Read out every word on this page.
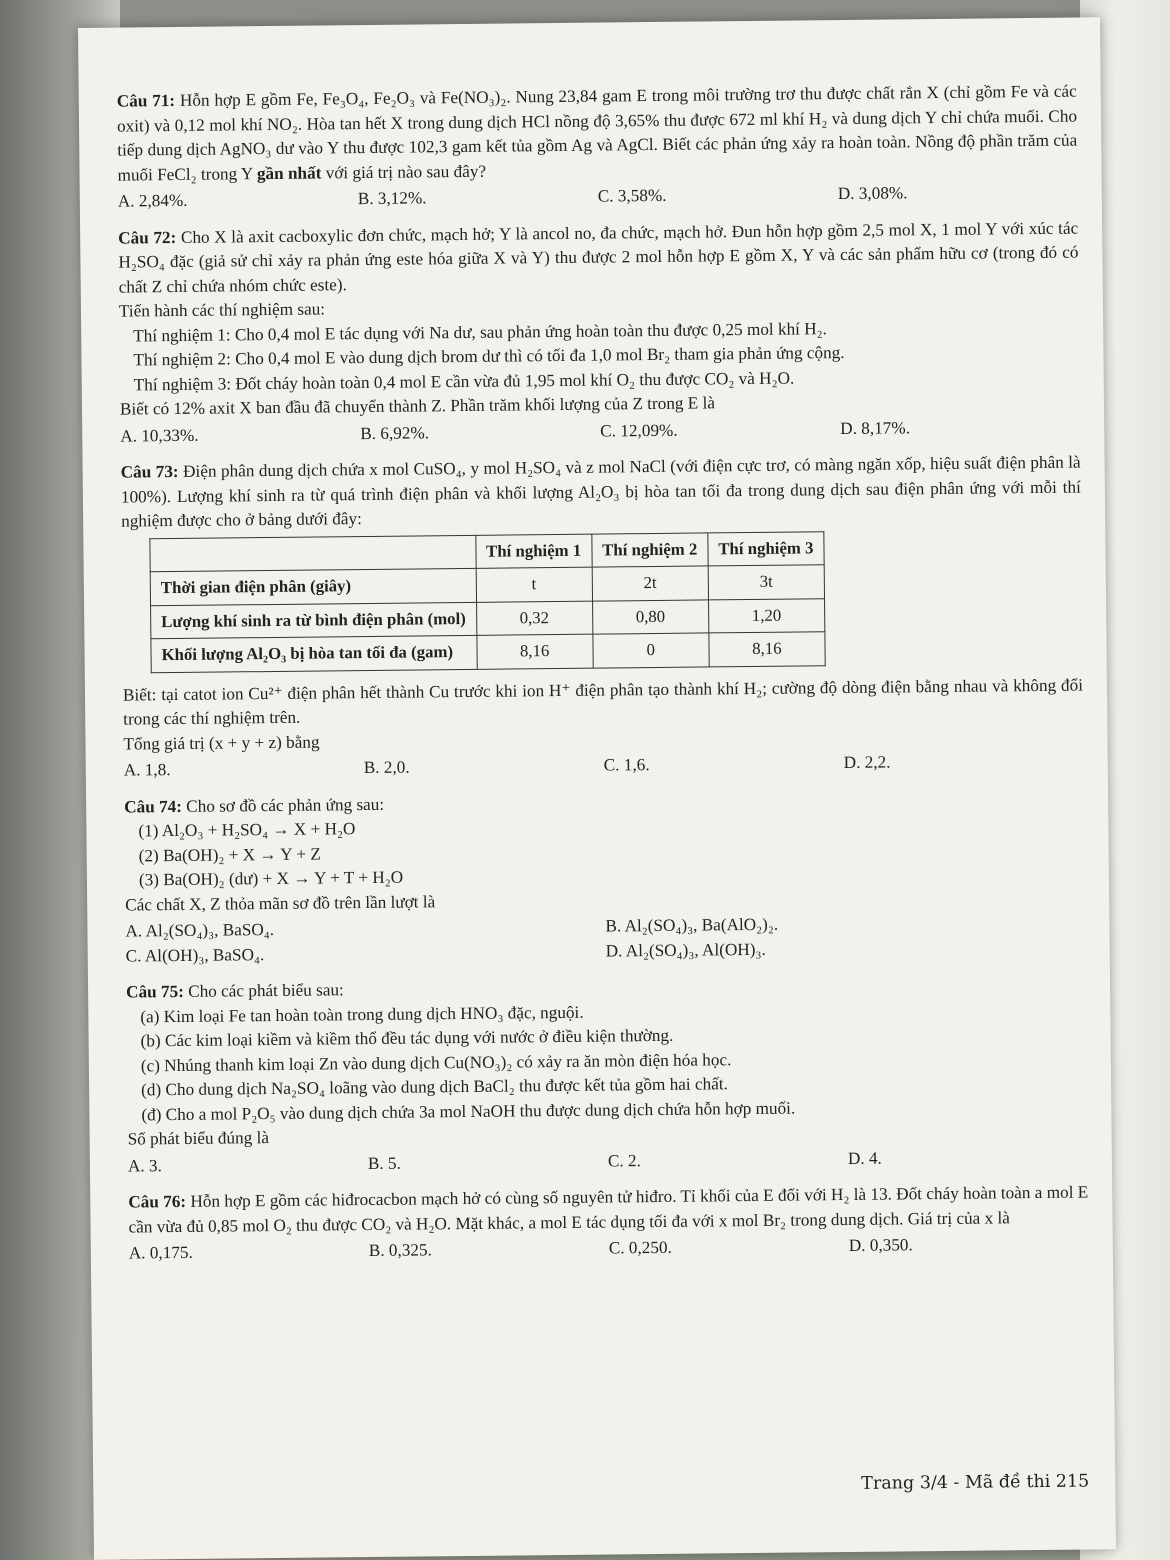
Câu 71: Hỗn hợp E gồm Fe, Fe₃O₄, Fe₂O₃ và Fe(NO₃)₂. Nung 23,84 gam E trong môi trường trơ thu được chất rắn X (chỉ gồm Fe và các oxit) và 0,12 mol khí NO₂. Hòa tan hết X trong dung dịch HCl nồng độ 3,65% thu được 672 ml khí H₂ và dung dịch Y chỉ chứa muối. Cho tiếp dung dịch AgNO₃ dư vào Y thu được 102,3 gam kết tủa gồm Ag và AgCl. Biết các phản ứng xảy ra hoàn toàn. Nồng độ phần trăm của muối FeCl₂ trong Y gần nhất với giá trị nào sau đây?
A. 2,84%.	B. 3,12%.	C. 3,58%.	D. 3,08%.
Câu 72: Cho X là axit cacboxylic đơn chức, mạch hở; Y là ancol no, đa chức, mạch hở. Đun hỗn hợp gồm 2,5 mol X, 1 mol Y với xúc tác H₂SO₄ đặc (giả sử chỉ xảy ra phản ứng este hóa giữa X và Y) thu được 2 mol hỗn hợp E gồm X, Y và các sản phẩm hữu cơ (trong đó có chất Z chỉ chứa nhóm chức este).
Tiến hành các thí nghiệm sau:
Thí nghiệm 1: Cho 0,4 mol E tác dụng với Na dư, sau phản ứng hoàn toàn thu được 0,25 mol khí H₂.
Thí nghiệm 2: Cho 0,4 mol E vào dung dịch brom dư thì có tối đa 1,0 mol Br₂ tham gia phản ứng cộng.
Thí nghiệm 3: Đốt cháy hoàn toàn 0,4 mol E cần vừa đủ 1,95 mol khí O₂ thu được CO₂ và H₂O.
Biết có 12% axit X ban đầu đã chuyển thành Z. Phần trăm khối lượng của Z trong E là
A. 10,33%.	B. 6,92%.	C. 12,09%.	D. 8,17%.
Câu 73: Điện phân dung dịch chứa x mol CuSO₄, y mol H₂SO₄ và z mol NaCl (với điện cực trơ, có màng ngăn xốp, hiệu suất điện phân là 100%). Lượng khí sinh ra từ quá trình điện phân và khối lượng Al₂O₃ bị hòa tan tối đa trong dung dịch sau điện phân ứng với mỗi thí nghiệm được cho ở bảng dưới đây:
	Thí nghiệm 1	Thí nghiệm 2	Thí nghiệm 3
Thời gian điện phân (giây)	t	2t	3t
Lượng khí sinh ra từ bình điện phân (mol)	0,32	0,80	1,20
Khối lượng Al₂O₃ bị hòa tan tối đa (gam)	8,16	0	8,16
Biết: tại catot ion Cu²⁺ điện phân hết thành Cu trước khi ion H⁺ điện phân tạo thành khí H₂; cường độ dòng điện bằng nhau và không đổi trong các thí nghiệm trên.
Tổng giá trị (x + y + z) bằng
A. 1,8.	B. 2,0.	C. 1,6.	D. 2,2.
Câu 74: Cho sơ đồ các phản ứng sau:
(1) Al₂O₃ + H₂SO₄ → X + H₂O
(2) Ba(OH)₂ + X → Y + Z
(3) Ba(OH)₂ (dư) + X → Y + T + H₂O
Các chất X, Z thỏa mãn sơ đồ trên lần lượt là
A. Al₂(SO₄)₃, BaSO₄.	B. Al₂(SO₄)₃, Ba(AlO₂)₂.
C. Al(OH)₃, BaSO₄.	D. Al₂(SO₄)₃, Al(OH)₃.
Câu 75: Cho các phát biểu sau:
(a) Kim loại Fe tan hoàn toàn trong dung dịch HNO₃ đặc, nguội.
(b) Các kim loại kiềm và kiềm thổ đều tác dụng với nước ở điều kiện thường.
(c) Nhúng thanh kim loại Zn vào dung dịch Cu(NO₃)₂ có xảy ra ăn mòn điện hóa học.
(d) Cho dung dịch Na₂SO₄ loãng vào dung dịch BaCl₂ thu được kết tủa gồm hai chất.
(đ) Cho a mol P₂O₅ vào dung dịch chứa 3a mol NaOH thu được dung dịch chứa hỗn hợp muối.
Số phát biểu đúng là
A. 3.	B. 5.	C. 2.	D. 4.
Câu 76: Hỗn hợp E gồm các hiđrocacbon mạch hở có cùng số nguyên tử hiđro. Tỉ khối của E đối với H₂ là 13. Đốt cháy hoàn toàn a mol E cần vừa đủ 0,85 mol O₂ thu được CO₂ và H₂O. Mặt khác, a mol E tác dụng tối đa với x mol Br₂ trong dung dịch. Giá trị của x là
A. 0,175.	B. 0,325.	C. 0,250.	D. 0,350.
Trang 3/4 - Mã đề thi 215
